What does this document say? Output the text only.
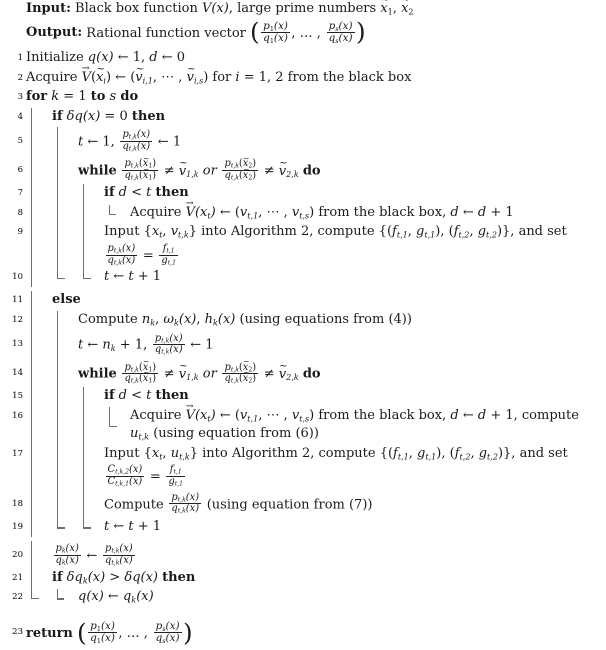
Input: Black box function V →(x), large prime numbers x $\sim_1$, x $\sim_2$
Output: Rational function vector ( $\frac{p_1(x)}{q_1(x)}$ , … , $\frac{p_s(x)}{q_s(x)}$ )
1 Initialize q(x) ← 1, d ← 0
2 Acquire V →(x $\sim_i$) ← (v $\sim_{i,1}$, ⋯ , v $\sim_{i,s}$) for i = 1, 2 from the black box
3 for k = 1 to s do
4 if δq(x) = 0 then
5	t ← 1, $\frac{p_{t,k}(x)}{q_{t,k}(x)}$ ← 1
6	while $\frac{p_{t,k}(x \sim_1)}{q_{t,k}(x \sim_1)} \ne v$ $\sim_{1,k}$ or $\frac{p_{t,k}(x \sim_2)}{q_{t,k}(x \sim_2)} \ne v$ $\sim_{2,k}$ do
7	if d < t then
8	Acquire $V \to(x_t)$ ← ($v_{t,1}$, ⋯ , $v_{t,s}$) from the black box, d ← d + 1
9	Input {$x_t$, $v_{t,k}$} into Algorithm 2, compute {($f_{t,1}$, $g_{t,1}$), ($f_{t,2}$, $g_{t,2}$)}, and set
$\frac{p_{t,k}(x)}{q_{t,k}(x)} = \frac{f_{t,1}}{g_{t,1}}$
10	t ← t + 1
11 else
12	Compute $n_k$, $\omega_k(x)$, $h_k(x)$ (using equations from (4))
13	t ← $n_k + 1$, $\frac{p_{t,k}(x)}{q_{t,k}(x)}$ ← 1
14	while $\frac{p_{t,k}(x \sim_1)}{q_{t,k}(x \sim_1)} \ne v$ $\sim_{1,k}$ or $\frac{p_{t,k}(x \sim_2)}{q_{t,k}(x \sim_2)} \ne v$ $\sim_{2,k}$ do
15	if d < t then
16	Acquire $V \to(x_t)$ ← ($v_{t,1}$, ⋯ , $v_{t,s}$) from the black box, d ← d + 1, compute
$u_{t,k}$ (using equation from (6))
17	Input {$x_t$, $u_{t,k}$} into Algorithm 2, compute {($f_{t,1}$, $g_{t,1}$), ($f_{t,2}$, $g_{t,2}$)}, and set
$\frac{C_{t,k,2}(x)}{C_{t,k,1}(x)} = \frac{f_{t,1}}{g_{t,1}}$
18	Compute $\frac{p_{t,k}(x)}{q_{t,k}(x)} (using$ equation from (7))
19	t ← t + 1
20	$\frac{p_k(x)}{q_k(x)}$ ← $\frac{p_{t,k}(x)}{q_{t,k}(x)}$
21 if $\delta q_k(x) > \delta q(x)$ then
22	q(x) ← $q_k(x)$
23 return ( $\frac{p_1(x)}{q_1(x)}$ , … , $\frac{p_s(x)}{q_s(x)}$ )
